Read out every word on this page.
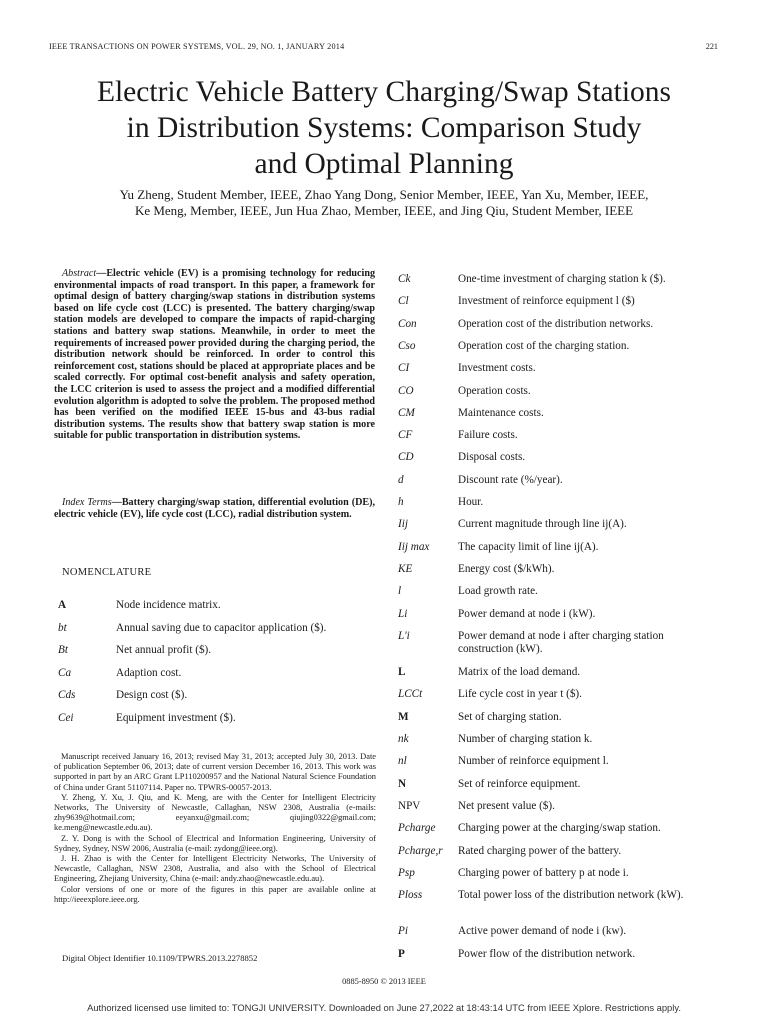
IEEE TRANSACTIONS ON POWER SYSTEMS, VOL. 29, NO. 1, JANUARY 2014	221
Electric Vehicle Battery Charging/Swap Stations
in Distribution Systems: Comparison Study
and Optimal Planning
Yu Zheng, Student Member, IEEE, Zhao Yang Dong, Senior Member, IEEE, Yan Xu, Member, IEEE,
Ke Meng, Member, IEEE, Jun Hua Zhao, Member, IEEE, and Jing Qiu, Student Member, IEEE
Abstract—Electric vehicle (EV) is a promising technology for reducing environmental impacts of road transport. In this paper, a framework for optimal design of battery charging/swap stations in distribution systems based on life cycle cost (LCC) is presented. The battery charging/swap station models are developed to compare the impacts of rapid-charging stations and battery swap stations. Meanwhile, in order to meet the requirements of increased power provided during the charging period, the distribution network should be reinforced. In order to control this reinforcement cost, stations should be placed at appropriate places and be scaled correctly. For optimal cost-benefit analysis and safety operation, the LCC criterion is used to assess the project and a modified differential evolution algorithm is adopted to solve the problem. The proposed method has been verified on the modified IEEE 15-bus and 43-bus radial distribution systems. The results show that battery swap station is more suitable for public transportation in distribution systems.
Index Terms—Battery charging/swap station, differential evolution (DE), electric vehicle (EV), life cycle cost (LCC), radial distribution system.
NOMENCLATURE
A	Node incidence matrix.
bt	Annual saving due to capacitor application ($).
Bt	Net annual profit ($).
Ca	Adaption cost.
Cds	Design cost ($).
Cei	Equipment investment ($).
Ck	One-time investment of charging station k ($).
Cl	Investment of reinforce equipment l ($)
Con	Operation cost of the distribution networks.
Cso	Operation cost of the charging station.
CI	Investment costs.
CO	Operation costs.
CM	Maintenance costs.
CF	Failure costs.
CD	Disposal costs.
d	Discount rate (%/year).
h	Hour.
Iij	Current magnitude through line ij(A).
Iij max	The capacity limit of line ij(A).
KE	Energy cost ($/kWh).
l	Load growth rate.
Li	Power demand at node i (kW).
L'i	Power demand at node i after charging station construction (kW).
L	Matrix of the load demand.
LCCt	Life cycle cost in year t ($).
M	Set of charging station.
nk	Number of charging station k.
nl	Number of reinforce equipment l.
N	Set of reinforce equipment.
NPV	Net present value ($).
Pcharge Charging power at the charging/swap station.
Pcharge,r Rated charging power of the battery.
Psp	Charging power of battery p at node i.
Ploss	Total power loss of the distribution network (kW).
Pi	Active power demand of node i (kw).
P	Power flow of the distribution network.

Manuscript received January 16, 2013; revised May 31, 2013; accepted July 30, 2013. Date of publication September 06, 2013; date of current version December 16, 2013. This work was supported in part by an ARC Grant LP110200957 and the National Natural Science Foundation of China under Grant 51107114. Paper no. TPWRS-00057-2013.

Y. Zheng, Y. Xu, J. Qiu, and K. Meng, are with the Center for Intelligent Electricity Networks, The University of Newcastle, Callaghan, NSW 2308, Australia (e-mails: zhy9639@hotmail.com; eeyanxu@gmail.com; qiujing0322@gmail.com; ke.meng@newcastle.edu.au).

Z. Y. Dong is with the School of Electrical and Information Engineering, University of Sydney, Sydney, NSW 2006, Australia (e-mail: zydong@ieee.org).

J. H. Zhao is with the Center for Intelligent Electricity Networks, The University of Newcastle, Callaghan, NSW 2308, Australia, and also with the School of Electrical Engineering, Zhejiang University, China (e-mail: andy.zhao@newcastle.edu.au).

Color versions of one or more of the figures in this paper are available online at http://ieeexplore.ieee.org.

Digital Object Identifier 10.1109/TPWRS.2013.2278852
0885-8950 © 2013 IEEE
Authorized licensed use limited to: TONGJI UNIVERSITY. Downloaded on June 27,2022 at 18:43:14 UTC from IEEE Xplore. Restrictions apply.
